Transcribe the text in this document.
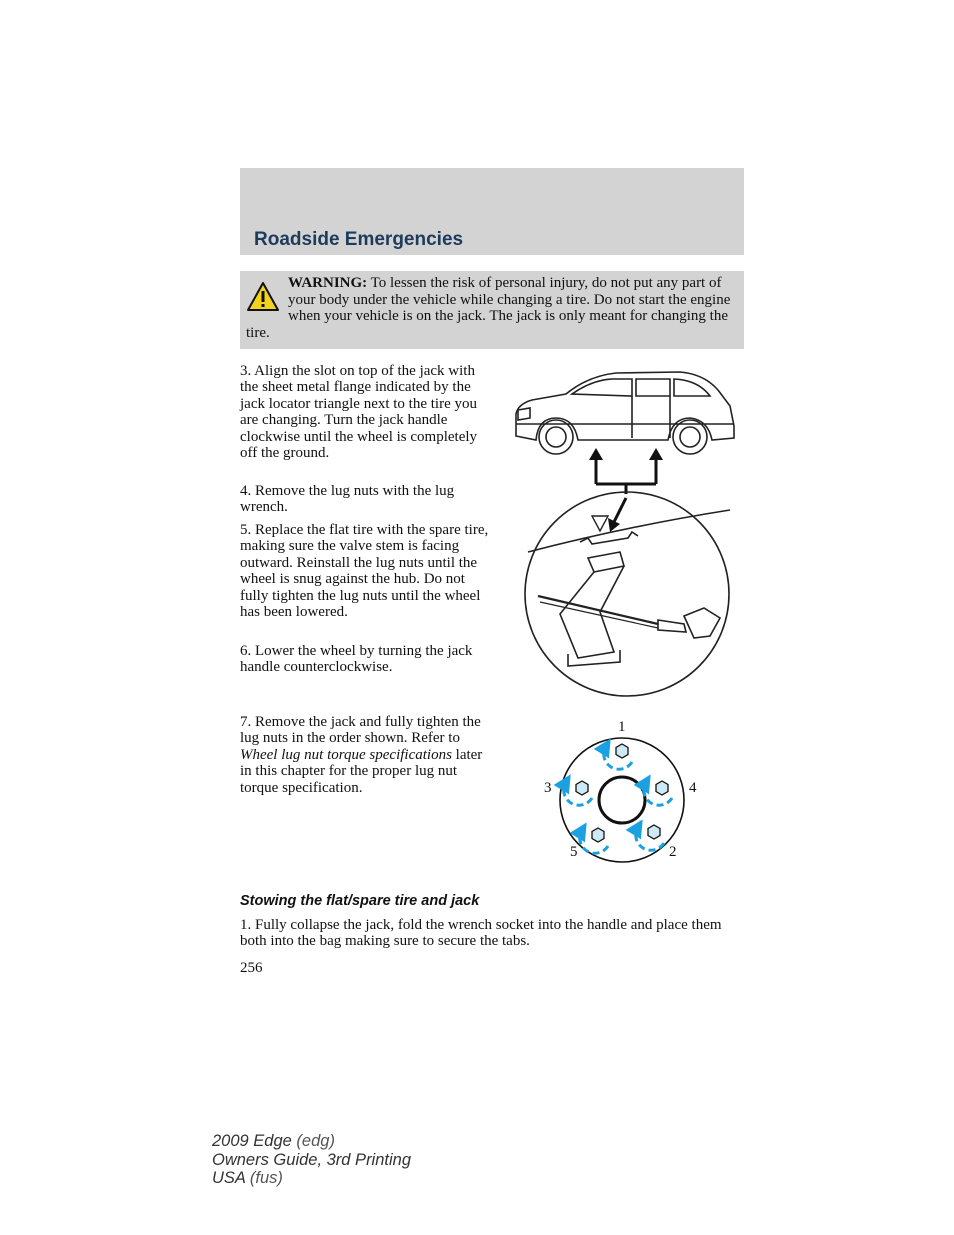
Roadside Emergencies
WARNING: To lessen the risk of personal injury, do not put any part of your body under the vehicle while changing a tire. Do not start the engine when your vehicle is on the jack. The jack is only meant for changing the tire.

3. Align the slot on top of the jack with the sheet metal flange indicated by the jack locator triangle next to the tire you are changing. Turn the jack handle clockwise until the wheel is completely off the ground.

4. Remove the lug nuts with the lug wrench.

5. Replace the flat tire with the spare tire, making sure the valve stem is facing outward. Reinstall the lug nuts until the wheel is snug against the hub. Do not fully tighten the lug nuts until the wheel has been lowered.

6. Lower the wheel by turning the jack handle counterclockwise.

7. Remove the jack and fully tighten the lug nuts in the order shown. Refer to Wheel lug nut torque specifications later in this chapter for the proper lug nut torque specification.

1
2
3	4
5
Stowing the flat/spare tire and jack

1. Fully collapse the jack, fold the wrench socket into the handle and place them both into the bag making sure to secure the tabs.

256

2009 Edge (edg)
Owners Guide, 3rd Printing
USA (fus)
